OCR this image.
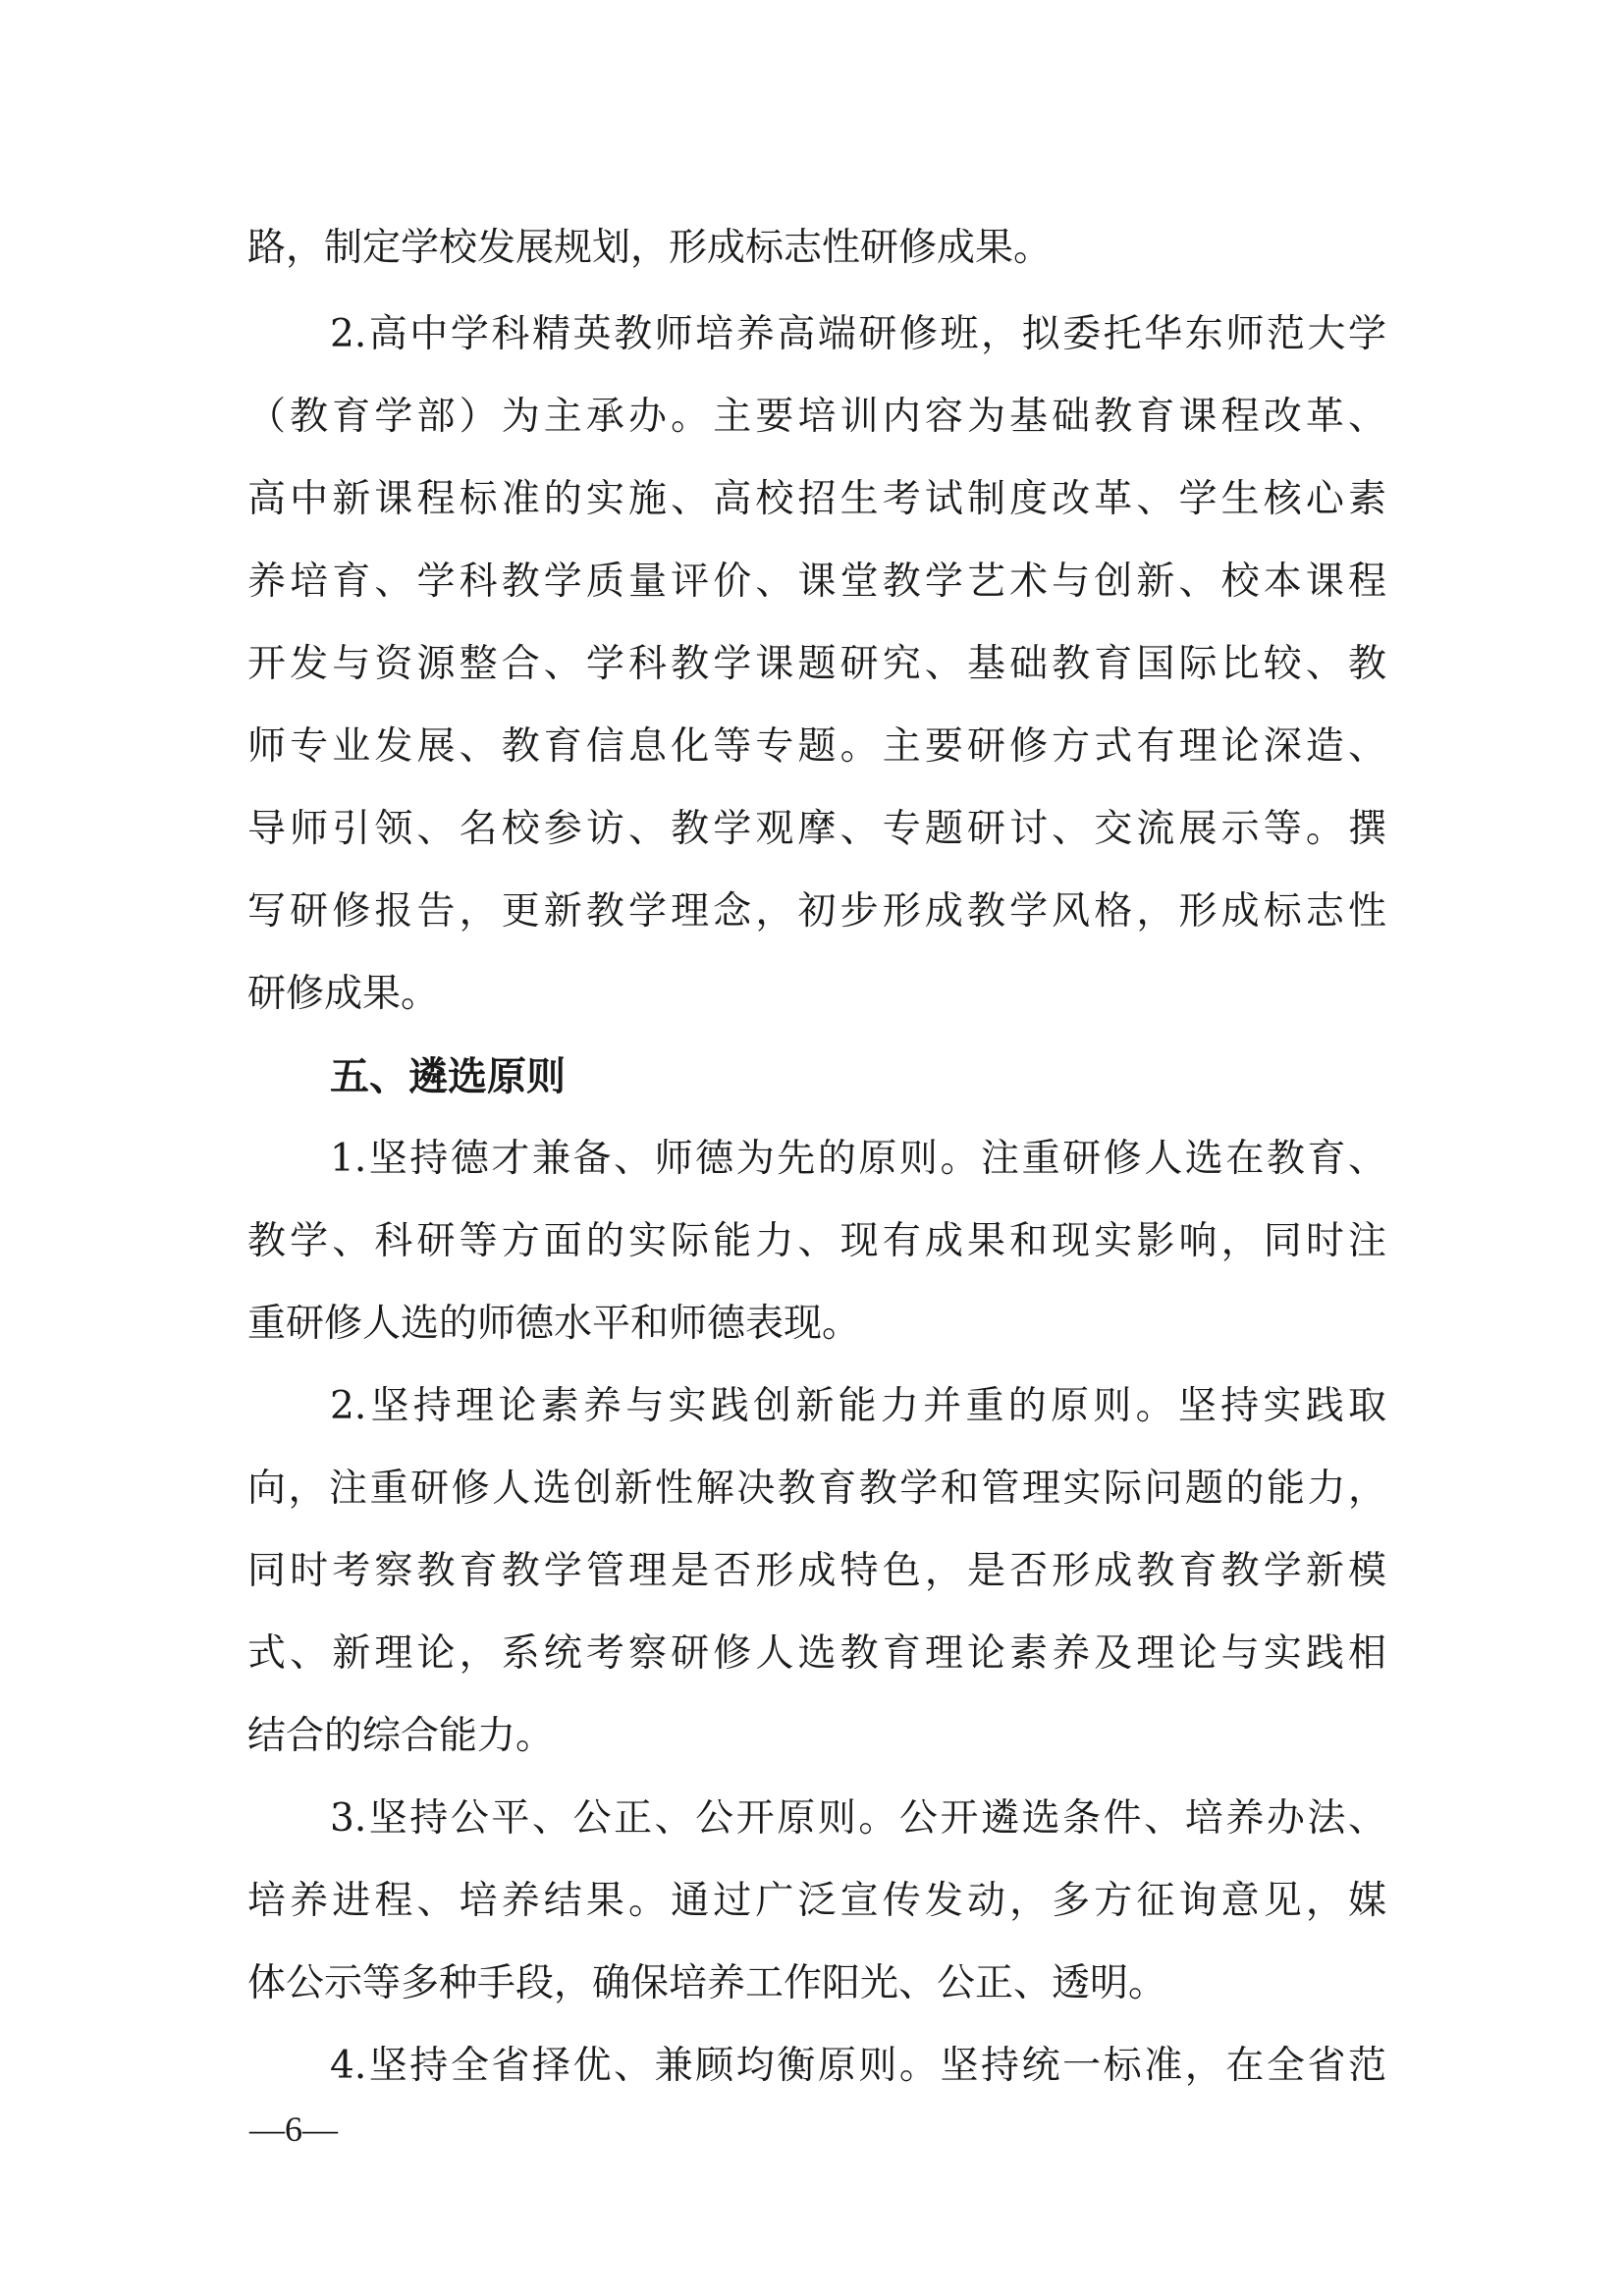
路，制定学校发展规划，形成标志性研修成果。
2.高中学科精英教师培养高端研修班，拟委托华东师范大学
（教育学部）为主承办。主要培训内容为基础教育课程改革、
高中新课程标准的实施、高校招生考试制度改革、学生核心素
养培育、学科教学质量评价、课堂教学艺术与创新、校本课程
开发与资源整合、学科教学课题研究、基础教育国际比较、教
师专业发展、教育信息化等专题。主要研修方式有理论深造、
导师引领、名校参访、教学观摩、专题研讨、交流展示等。撰
写研修报告，更新教学理念，初步形成教学风格，形成标志性
研修成果。
五、遴选原则
1.坚持德才兼备、师德为先的原则。注重研修人选在教育、
教学、科研等方面的实际能力、现有成果和现实影响，同时注
重研修人选的师德水平和师德表现。
2.坚持理论素养与实践创新能力并重的原则。坚持实践取
向，注重研修人选创新性解决教育教学和管理实际问题的能力，
同时考察教育教学管理是否形成特色，是否形成教育教学新模
式、新理论，系统考察研修人选教育理论素养及理论与实践相
结合的综合能力。
3.坚持公平、公正、公开原则。公开遴选条件、培养办法、
培养进程、培养结果。通过广泛宣传发动，多方征询意见，媒
体公示等多种手段，确保培养工作阳光、公正、透明。
4.坚持全省择优、兼顾均衡原则。坚持统一标准，在全省范
—6—
